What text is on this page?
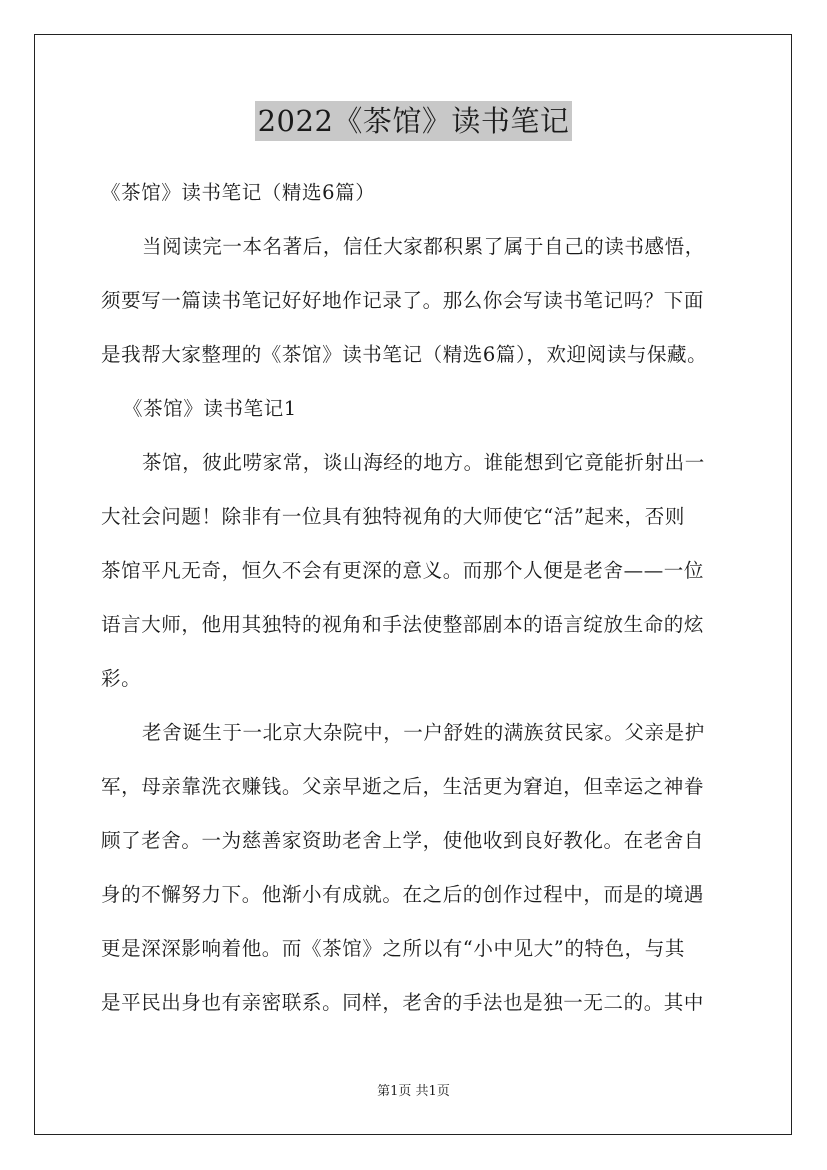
2022《茶馆》读书笔记

《茶馆》读书笔记（精选6篇）

当阅读完一本名著后，信任大家都积累了属于自己的读书感悟，
须要写一篇读书笔记好好地作记录了。那么你会写读书笔记吗？下面
是我帮大家整理的《茶馆》读书笔记（精选6篇），欢迎阅读与保藏。

《茶馆》读书笔记1

茶馆，彼此唠家常，谈山海经的地方。谁能想到它竟能折射出一
大社会问题！除非有一位具有独特视角的大师使它“活”起来，否则
茶馆平凡无奇，恒久不会有更深的意义。而那个人便是老舍——一位
语言大师，他用其独特的视角和手法使整部剧本的语言绽放生命的炫
彩。

老舍诞生于一北京大杂院中，一户舒姓的满族贫民家。父亲是护
军，母亲靠洗衣赚钱。父亲早逝之后，生活更为窘迫，但幸运之神眷
顾了老舍。一为慈善家资助老舍上学，使他收到良好教化。在老舍自
身的不懈努力下。他渐小有成就。在之后的创作过程中，而是的境遇
更是深深影响着他。而《茶馆》之所以有“小中见大”的特色，与其
是平民出身也有亲密联系。同样，老舍的手法也是独一无二的。其中

第1页 共1页
